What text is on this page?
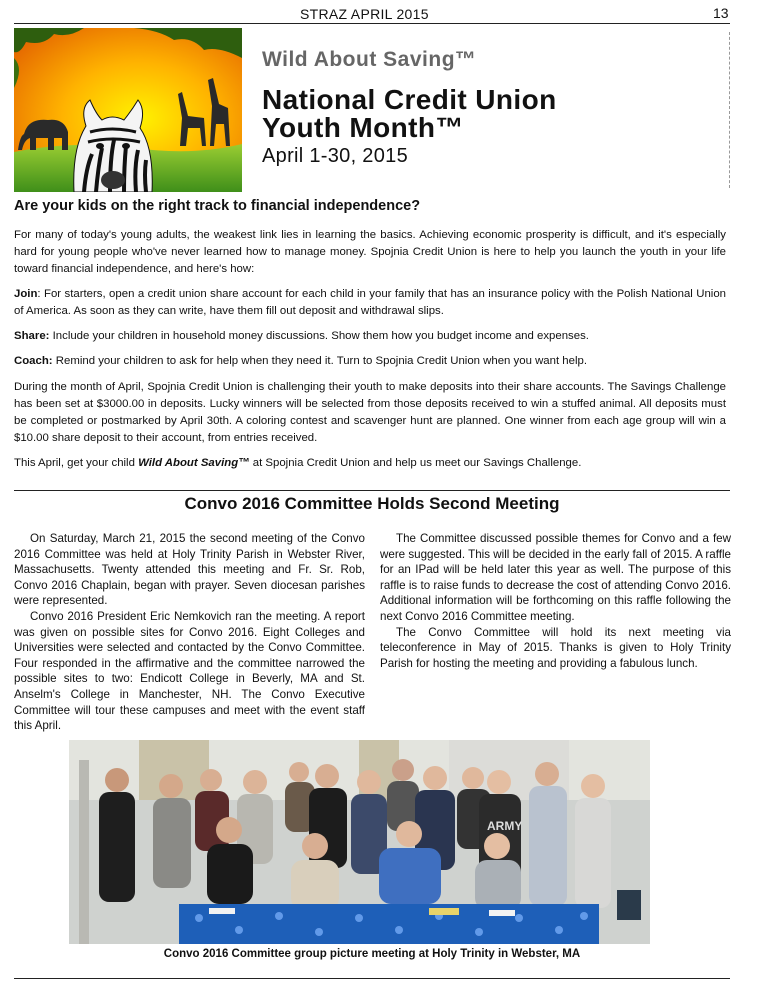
STRAZ APRIL 2015	13
Wild About Saving™
National Credit Union
Youth Month™
April 1-30, 2015
Are your kids on the right track to financial independence?
For many of today's young adults, the weakest link lies in learning the basics. Achieving economic prosperity is difficult, and it's especially hard for young people who've never learned how to manage money. Spojnia Credit Union is here to help you launch the youth in your life toward financial independence, and here's how:
Join: For starters, open a credit union share account for each child in your family that has an insurance policy with the Polish National Union of America. As soon as they can write, have them fill out deposit and withdrawal slips.
Share: Include your children in household money discussions. Show them how you budget income and expenses.
Coach: Remind your children to ask for help when they need it. Turn to Spojnia Credit Union when you want help.
During the month of April, Spojnia Credit Union is challenging their youth to make deposits into their share accounts. The Savings Challenge has been set at $3000.00 in deposits. Lucky winners will be selected from those deposits received to win a stuffed animal. All deposits must be completed or postmarked by April 30th. A coloring contest and scavenger hunt are planned. One winner from each age group will win a $10.00 share deposit to their account, from entries received.
This April, get your child Wild About Saving™ at Spojnia Credit Union and help us meet our Savings Challenge.
Convo 2016 Committee Holds Second Meeting

On Saturday, March 21, 2015 the second meeting of the Convo 2016 Committee was held at Holy Trinity Parish in Webster River, Massachusetts. Twenty attended this meeting and Fr. Sr. Rob, Convo 2016 Chaplain, began with prayer. Seven diocesan parishes were represented.

Convo 2016 President Eric Nemkovich ran the meeting. A report was given on possible sites for Convo 2016. Eight Colleges and Universities were selected and contacted by the Convo Committee. Four responded in the affirmative and the committee narrowed the possible sites to two: Endicott College in Beverly, MA and St. Anselm's College in Manchester, NH. The Convo Executive Committee will tour these campuses and meet with the event staff this April.

The Committee discussed possible themes for Convo and a few were suggested. This will be decided in the early fall of 2015. A raffle for an IPad will be held later this year as well. The purpose of this raffle is to raise funds to decrease the cost of attending Convo 2016. Additional information will be forthcoming on this raffle following the next Convo 2016 Committee meeting.

The Convo Committee will hold its next meeting via teleconference in May of 2015. Thanks is given to Holy Trinity Parish for hosting the meeting and providing a fabulous lunch.

ARMY
Convo 2016 Committee group picture meeting at Holy Trinity in Webster, MA
